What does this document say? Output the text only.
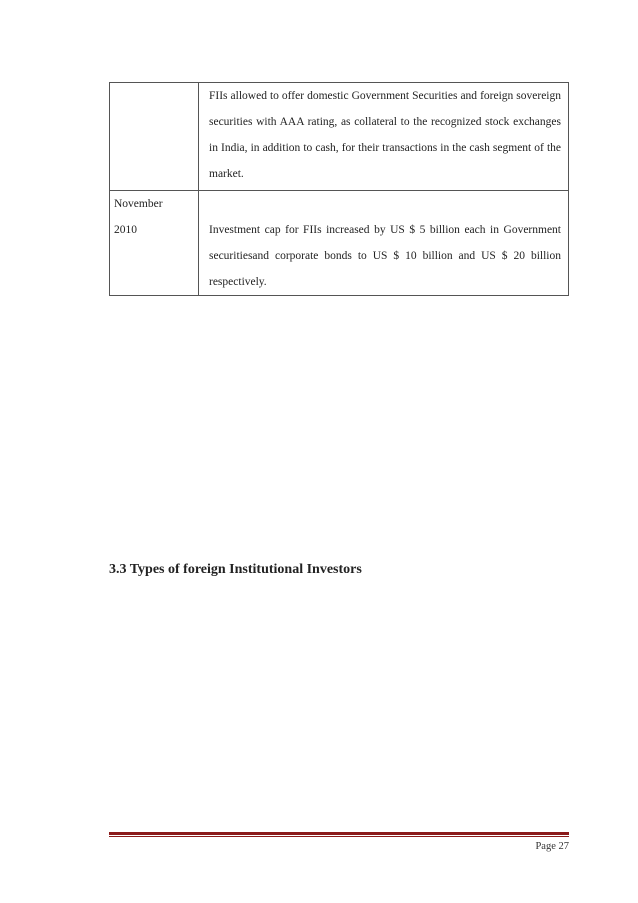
	FIIs allowed to offer domestic Government Securities and foreign sovereign securities with AAA rating, as collateral to the recognized stock exchanges in India, in addition to cash, for their transactions in the cash segment of the market.

November
2010	Investment cap for FIIs increased by US $ 5 billion each in Government securitiesand corporate bonds to US $ 10 billion and US $ 20 billion respectively.
3.3 Types of foreign Institutional Investors
Page 27
